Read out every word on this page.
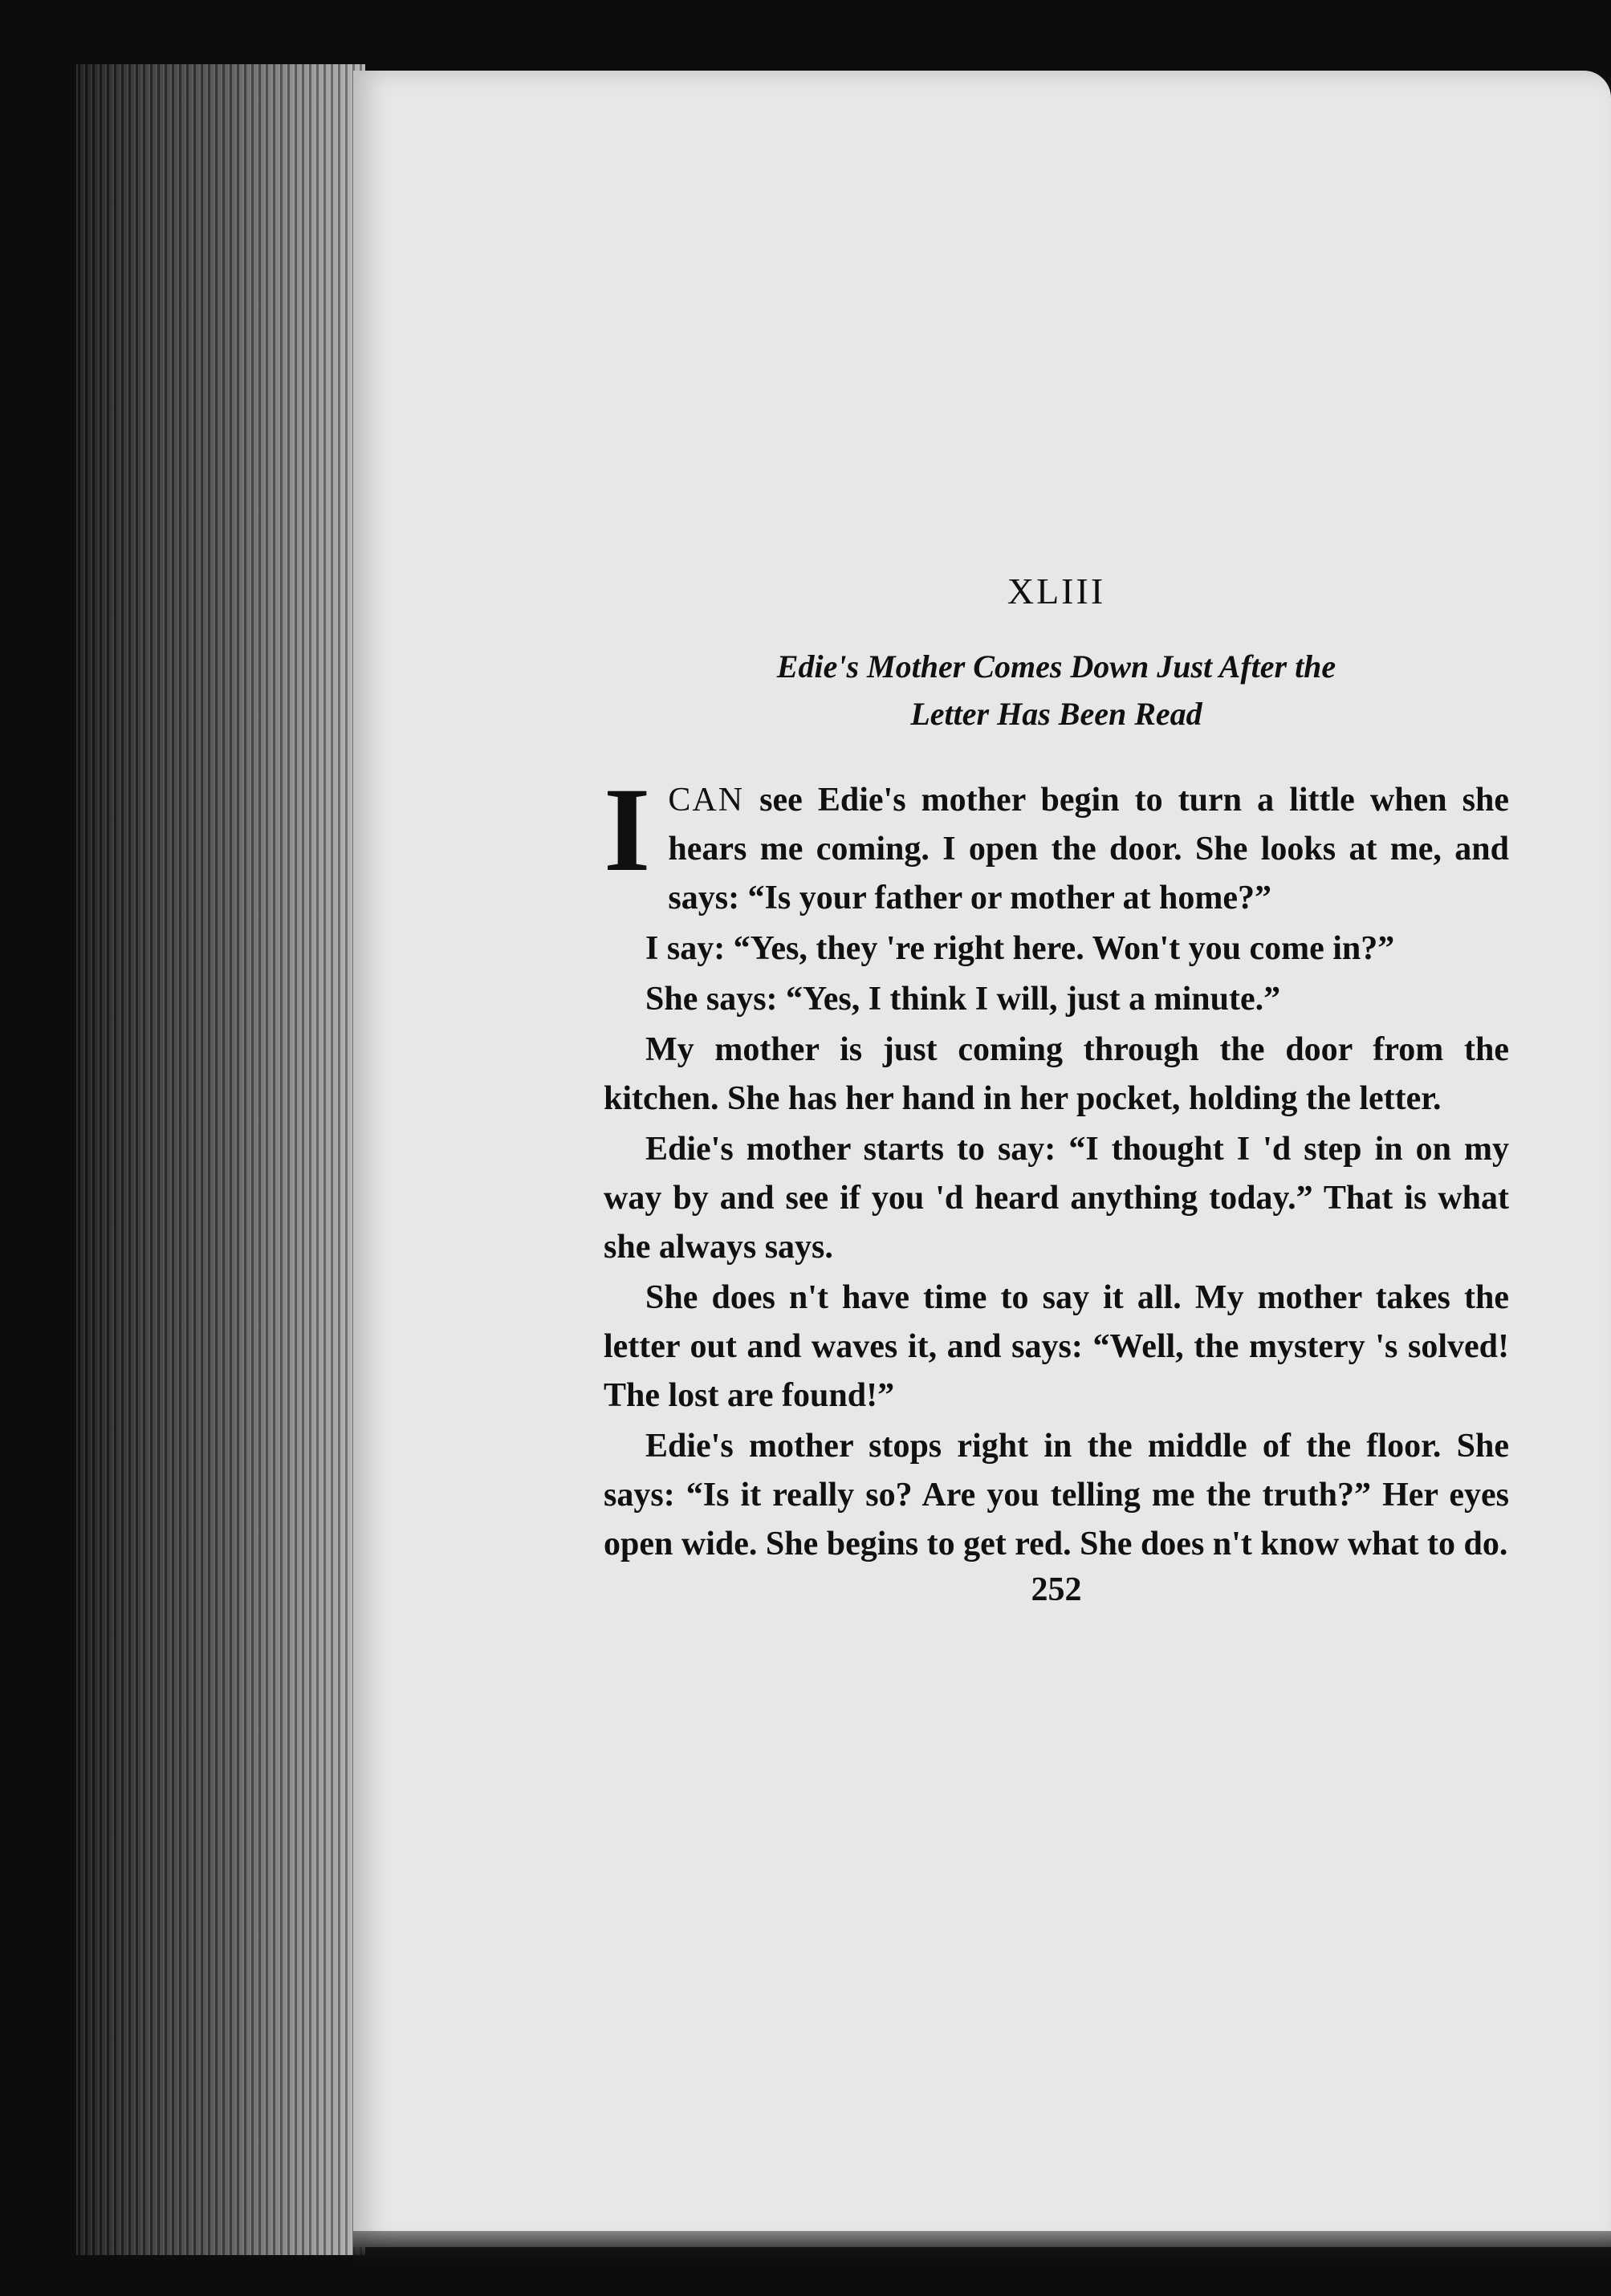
XLIII
Edie's Mother Comes Down Just After the
Letter Has Been Read

ICAN see Edie's mother begin to turn a little when she hears me coming. I open the door. She looks at me, and says: “Is your father or mother at home?”

I say: “Yes, they 're right here. Won't you come in?”

She says: “Yes, I think I will, just a minute.”

My mother is just coming through the door from the kitchen. She has her hand in her pocket, holding the letter.

Edie's mother starts to say: “I thought I 'd step in on my way by and see if you 'd heard anything today.” That is what she always says.

She does n't have time to say it all. My mother takes the letter out and waves it, and says: “Well, the mystery 's solved! The lost are found!”

Edie's mother stops right in the middle of the floor. She says: “Is it really so? Are you telling me the truth?” Her eyes open wide. She begins to get red. She does n't know what to do.

252
